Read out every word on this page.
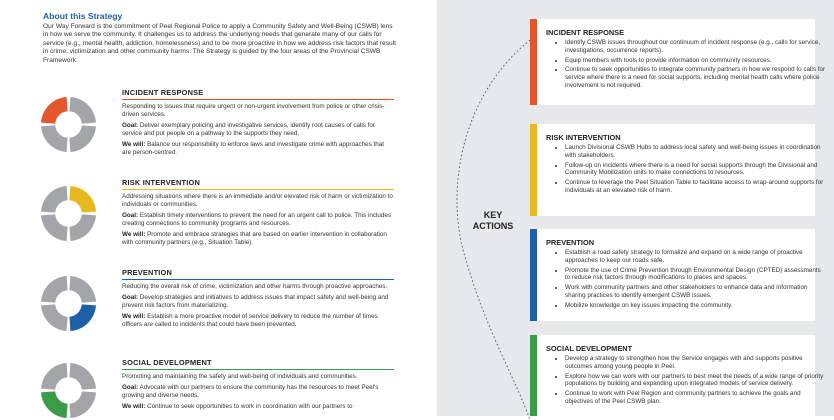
About this Strategy
Our Way Forward is the commitment of Peel Regional Police to apply a Community Safety and Well-Being (CSWB) lens in how we serve the community. It challenges us to address the underlying needs that generate many of our calls for service (e.g., mental health, addiction, homelessness) and to be more proactive in how we address risk factors that result in crime, victimization and other community harms. The Strategy is guided by the four areas of the Provincial CSWB Framework:
INCIDENT RESPONSE

Responding to issues that require urgent or non-urgent involvement from police or other crisis-driven services.

Goal: Deliver exemplary policing and investigative services, identify root causes of calls for service and put people on a pathway to the supports they need.

We will: Balance our responsibility to enforce laws and investigate crime with approaches that are person-centred.

RISK INTERVENTION

Addressing situations where there is an immediate and/or elevated risk of harm or victimization to individuals or communities.

Goal: Establish timely interventions to prevent the need for an urgent call to police. This includes creating connections to community programs and resources.

We will: Promote and embrace strategies that are based on earlier intervention in collaboration with community partners (e.g., Situation Table).

PREVENTION

Reducing the overall risk of crime, victimization and other harms through proactive approaches.

Goal: Develop strategies and initiatives to address issues that impact safety and well-being and prevent risk factors from materializing.

We will: Establish a more proactive model of service delivery to reduce the number of times officers are called to incidents that could have been prevented.

SOCIAL DEVELOPMENT

Promoting and maintaining the safety and well-being of individuals and communities.

Goal: Advocate with our partners to ensure the community has the resources to meet Peel's growing and diverse needs.

We will: Continue to seek opportunities to work in coordination with our partners to

KEY
ACTIONS
INCIDENT RESPONSE
• Identify CSWB issues throughout our continuum of incident response (e.g., calls for service, investigations, occurrence reports).
• Equip members with tools to provide information on community resources.
• Continue to seek opportunities to integrate community partners in how we respond to calls for service where there is a need for social supports, including mental health calls where police involvement is not required.
RISK INTERVENTION
• Launch Divisional CSWB Hubs to address local safety and well-being issues in coordination with stakeholders.
• Follow-up on incidents where there is a need for social supports through the Divisional and Community Mobilization units to make connections to resources.
• Continue to leverage the Peel Situation Table to facilitate access to wrap-around supports for individuals at an elevated risk of harm.
PREVENTION
• Establish a road safety strategy to formalize and expand on a wide range of proactive approaches to keep our roads safe.
• Promote the use of Crime Prevention through Environmental Design (CPTED) assessments to reduce risk factors through modifications to places and spaces.
• Work with community partners and other stakeholders to enhance data and information sharing practices to identify emergent CSWB issues.
• Mobilize knowledge on key issues impacting the community.
SOCIAL DEVELOPMENT
• Develop a strategy to strengthen how the Service engages with and supports positive outcomes among young people in Peel.
• Explore how we can work with our partners to best meet the needs of a wide range of priority populations by building and expanding upon integrated models of service delivery.
• Continue to work with Peel Region and community partners to achieve the goals and objectives of the Peel CSWB plan.
